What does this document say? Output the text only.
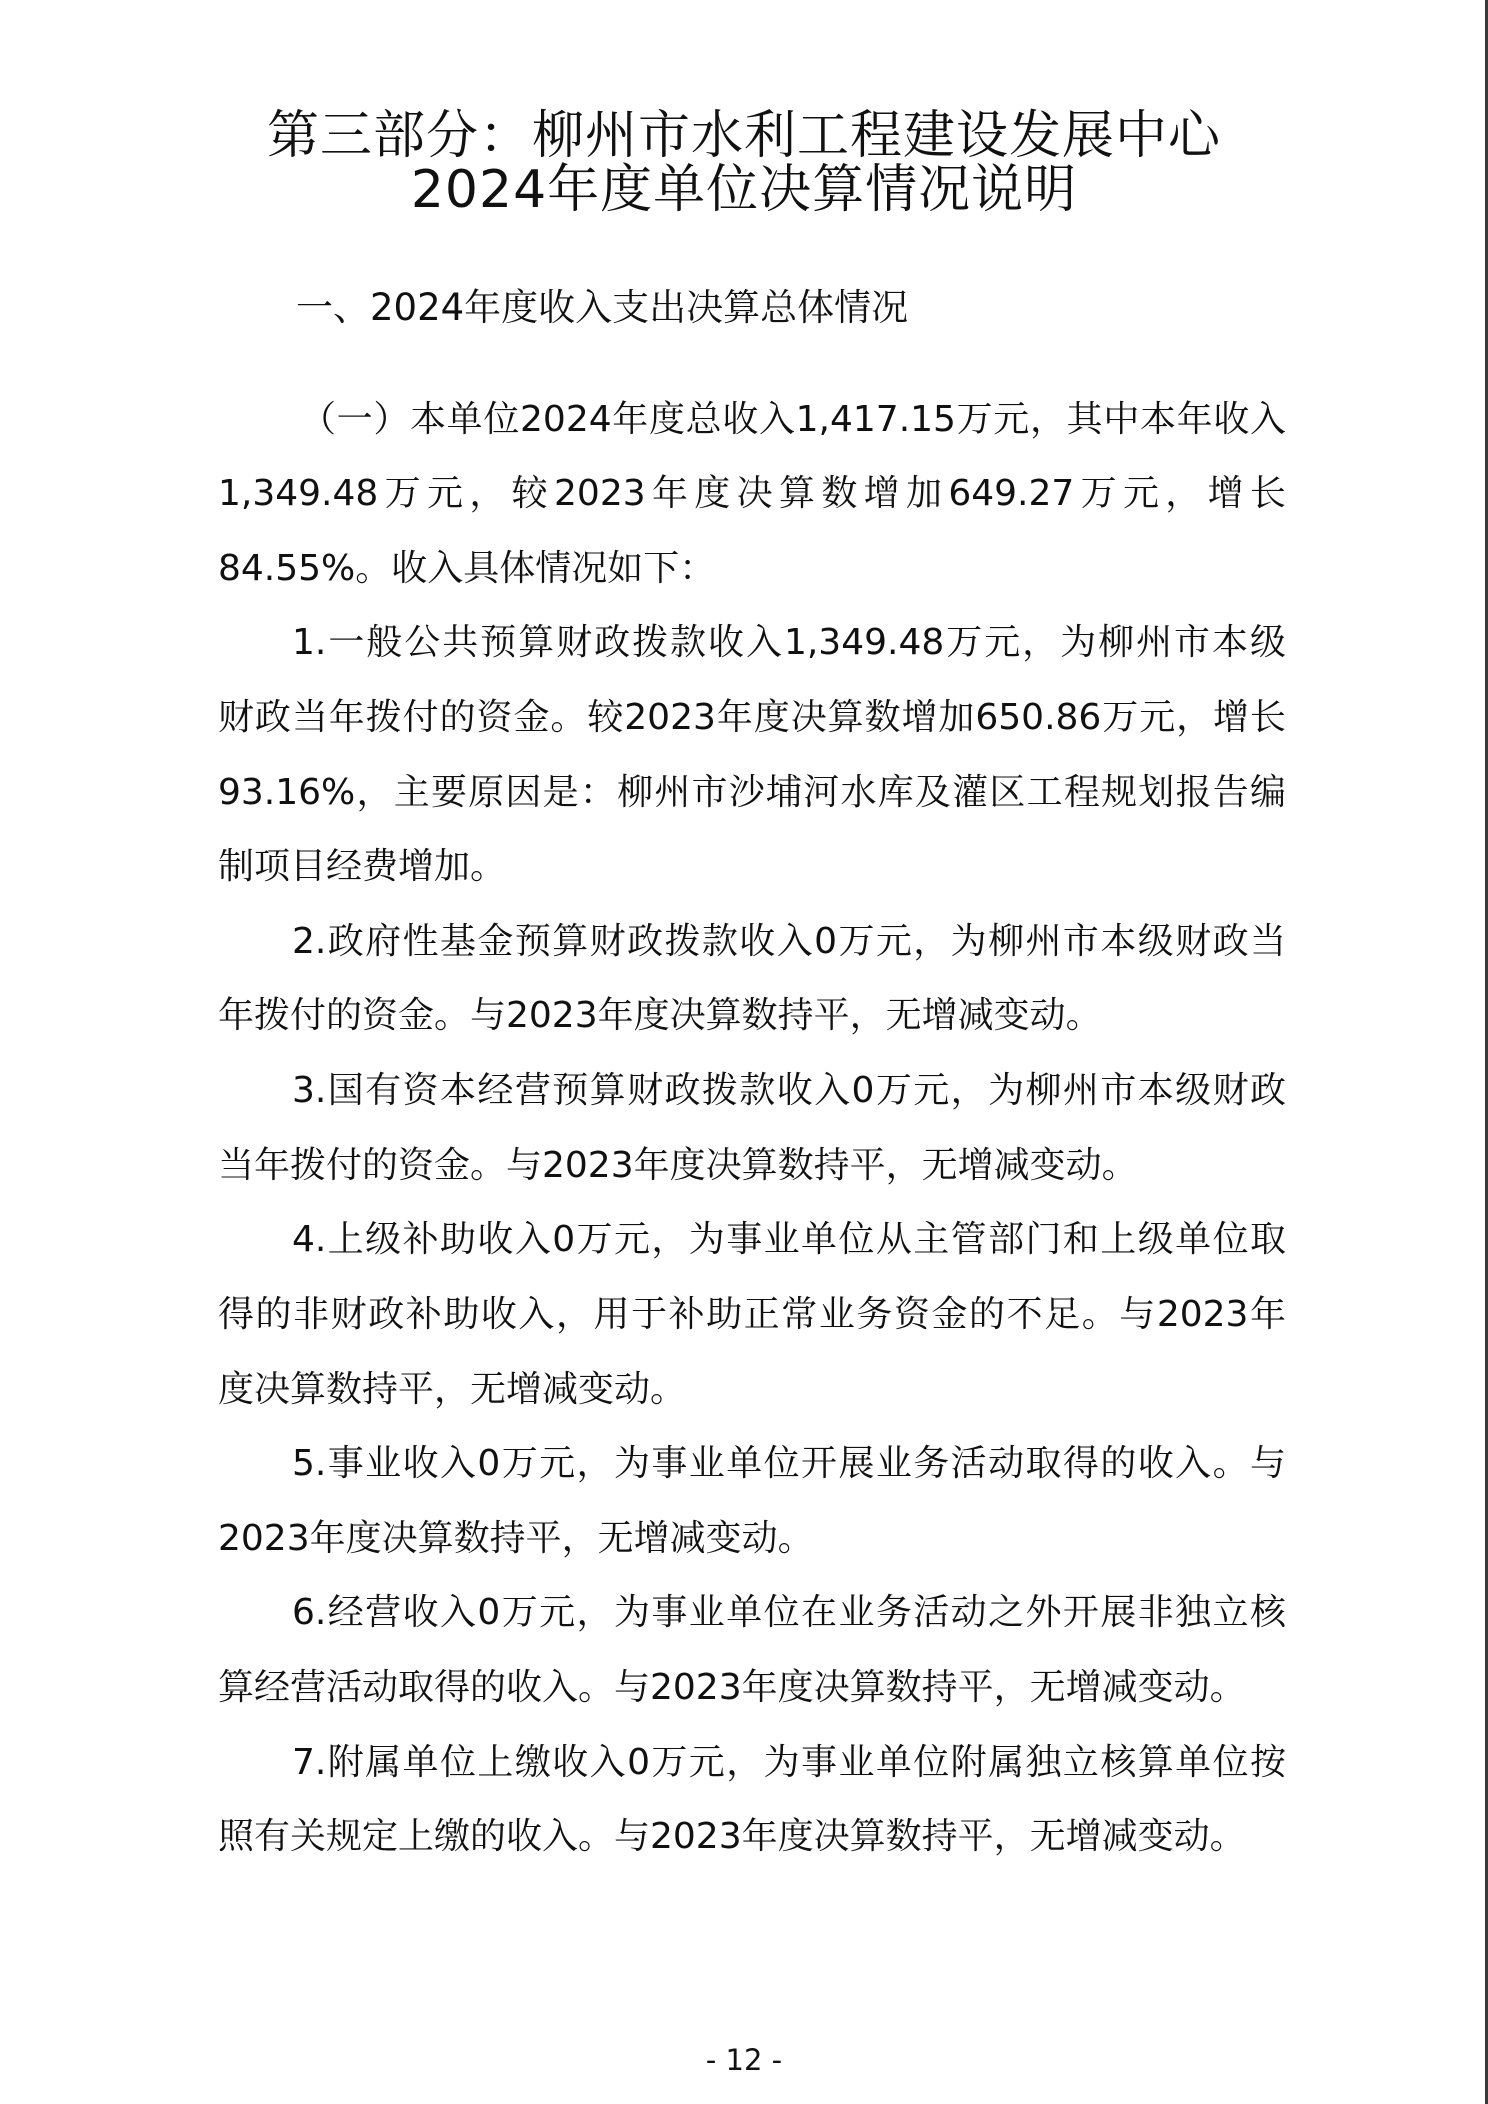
第三部分：柳州市水利工程建设发展中心
2024年度单位决算情况说明
一、2024年度收入支出决算总体情况
（一）本单位2024年度总收入1,417.15万元，其中本年收入
1,349.48万元，较2023年度决算数增加649.27万元，增长
84.55%。收入具体情况如下：
1.一般公共预算财政拨款收入1,349.48万元，为柳州市本级
财政当年拨付的资金。较2023年度决算数增加650.86万元，增长
93.16%，主要原因是：柳州市沙埔河水库及灌区工程规划报告编
制项目经费增加。
2.政府性基金预算财政拨款收入0万元，为柳州市本级财政当
年拨付的资金。与2023年度决算数持平，无增减变动。
3.国有资本经营预算财政拨款收入0万元，为柳州市本级财政
当年拨付的资金。与2023年度决算数持平，无增减变动。
4.上级补助收入0万元，为事业单位从主管部门和上级单位取
得的非财政补助收入，用于补助正常业务资金的不足。与2023年
度决算数持平，无增减变动。
5.事业收入0万元，为事业单位开展业务活动取得的收入。与
2023年度决算数持平，无增减变动。
6.经营收入0万元，为事业单位在业务活动之外开展非独立核
算经营活动取得的收入。与2023年度决算数持平，无增减变动。
7.附属单位上缴收入0万元，为事业单位附属独立核算单位按
照有关规定上缴的收入。与2023年度决算数持平，无增减变动。
- 12 -
